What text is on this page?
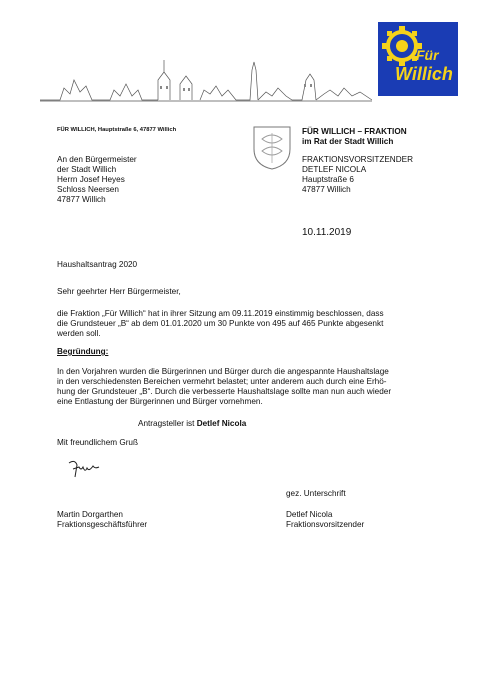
Für
Willich
FÜR WILLICH, Hauptstraße 6, 47877 Willich	FÜR WILLICH – FRAKTION
im Rat der Stadt Willich
FRAKTIONSVORSITZENDER
DETLEF NICOLA
Hauptstraße 6
47877 Willich
An den Bürgermeister
der Stadt Willich
Herrn Josef Heyes
Schloss Neersen
47877 Willich
10.11.2019
Haushaltsantrag 2020
Sehr geehrter Herr Bürgermeister,
die Fraktion „Für Willich“ hat in ihrer Sitzung am 09.11.2019 einstimmig beschlossen, dass
die Grundsteuer „B“ ab dem 01.01.2020 um 30 Punkte von 495 auf 465 Punkte abgesenkt
werden soll.
Begründung:
In den Vorjahren wurden die Bürgerinnen und Bürger durch die angespannte Haushaltslage
in den verschiedensten Bereichen vermehrt belastet; unter anderem auch durch eine Erhö-
hung der Grundsteuer „B“. Durch die verbesserte Haushaltslage sollte man nun auch wieder
eine Entlastung der Bürgerinnen und Bürger vornehmen.
Antragsteller ist Detlef Nicola
Mit freundlichem Gruß
gez. Unterschrift
Martin Dorgarthen
Fraktionsgeschäftsführer
Detlef Nicola
Fraktionsvorsitzender
